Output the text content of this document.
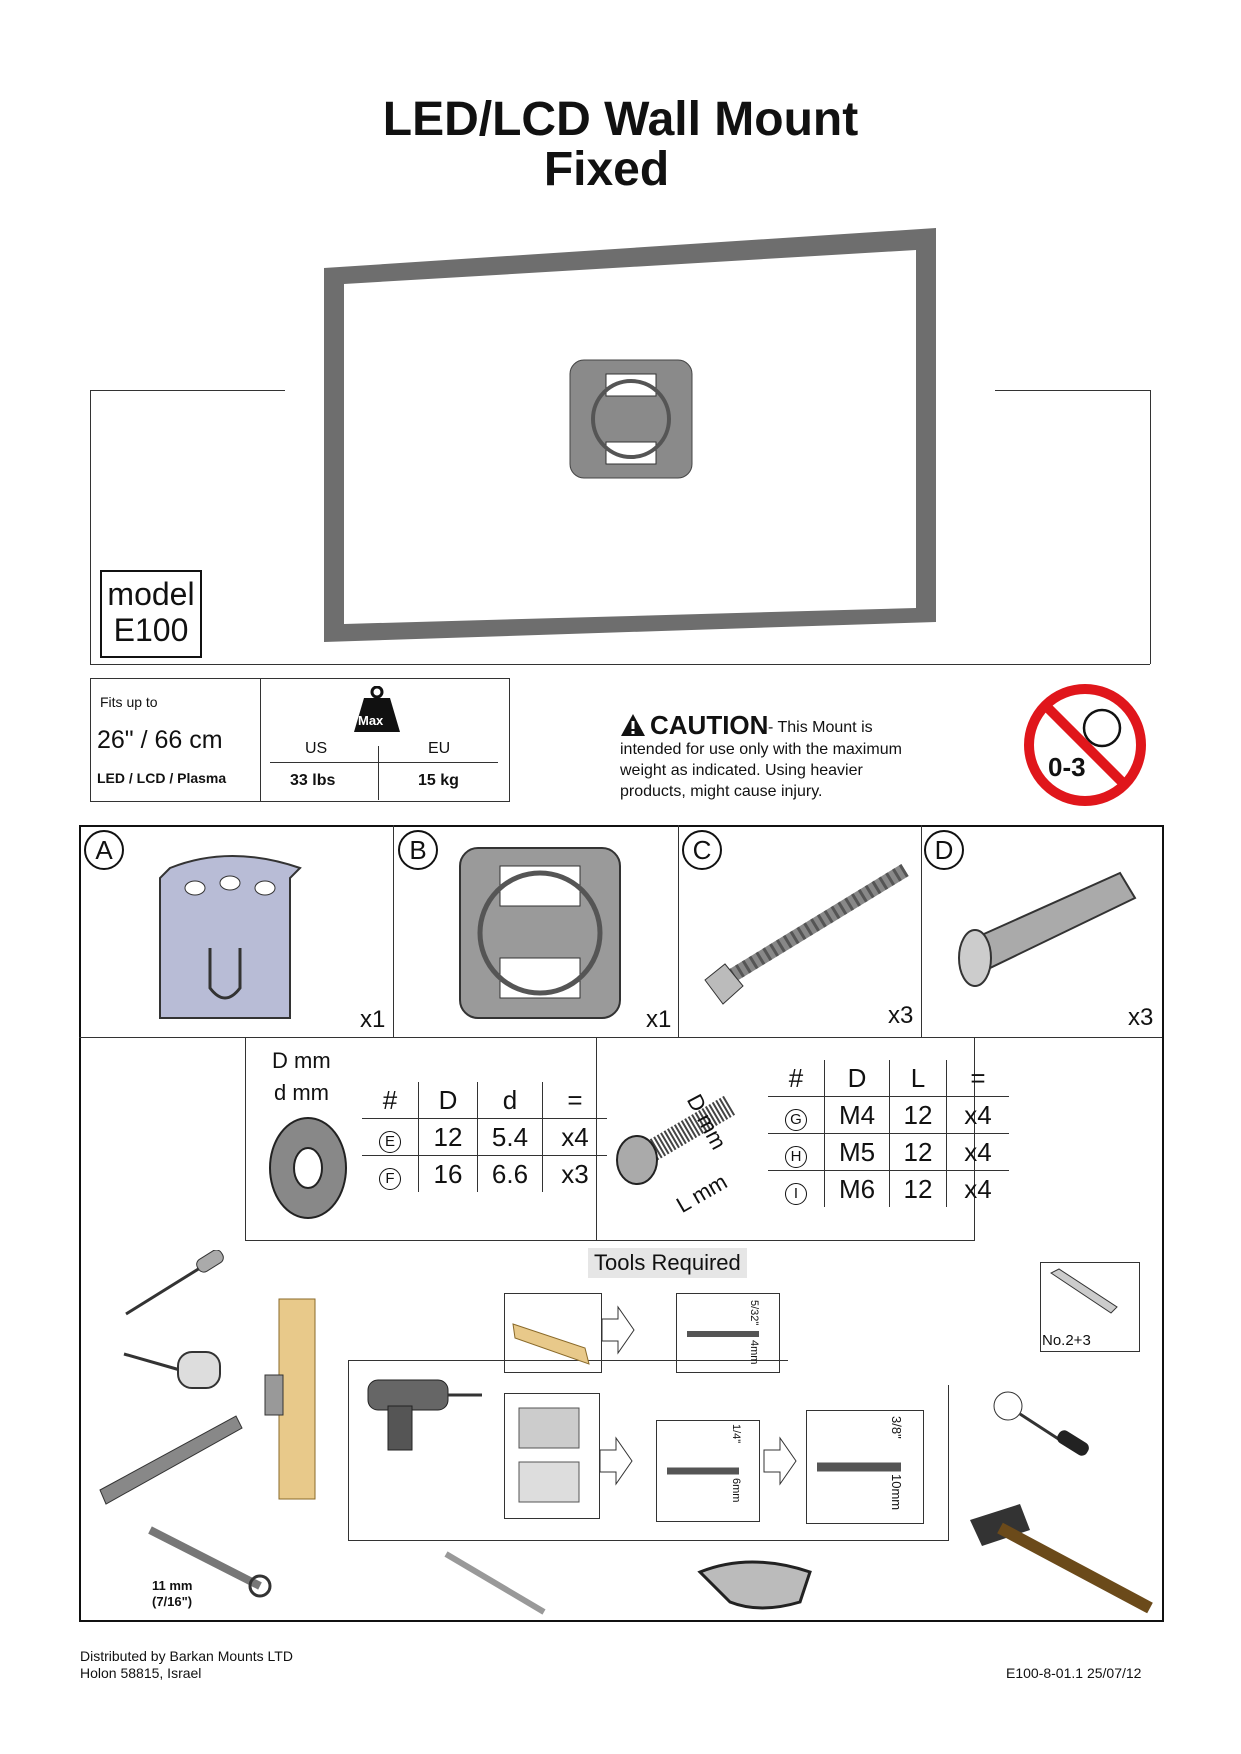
LED/LCD Wall Mount
Fixed
model
E100
Fits up to
26" / 66 cm
LED / LCD / Plasma
Max
US	EU
33 lbs	15 kg
CAUTION - This Mount is
intended for use only with the maximum
weight as indicated. Using heavier
products, might cause injury.
0-3
A	B	C	D
x1	x1	x3	x3
D mm
d mm #	D	d	=
E	12	5.4	x4
F	16	6.6	x3
D mm
L mm
#	D	L	=
G	M4	12	x4
H	M5	12	x4
I	M6	12	x4
Tools Required
11 mm
(7/16")
5/32"
4mm
1/4"
6mm
3/8"
10mm
No.2+3
Distributed by Barkan Mounts LTD
Holon 58815, Israel	E100-8-01.1 25/07/12
